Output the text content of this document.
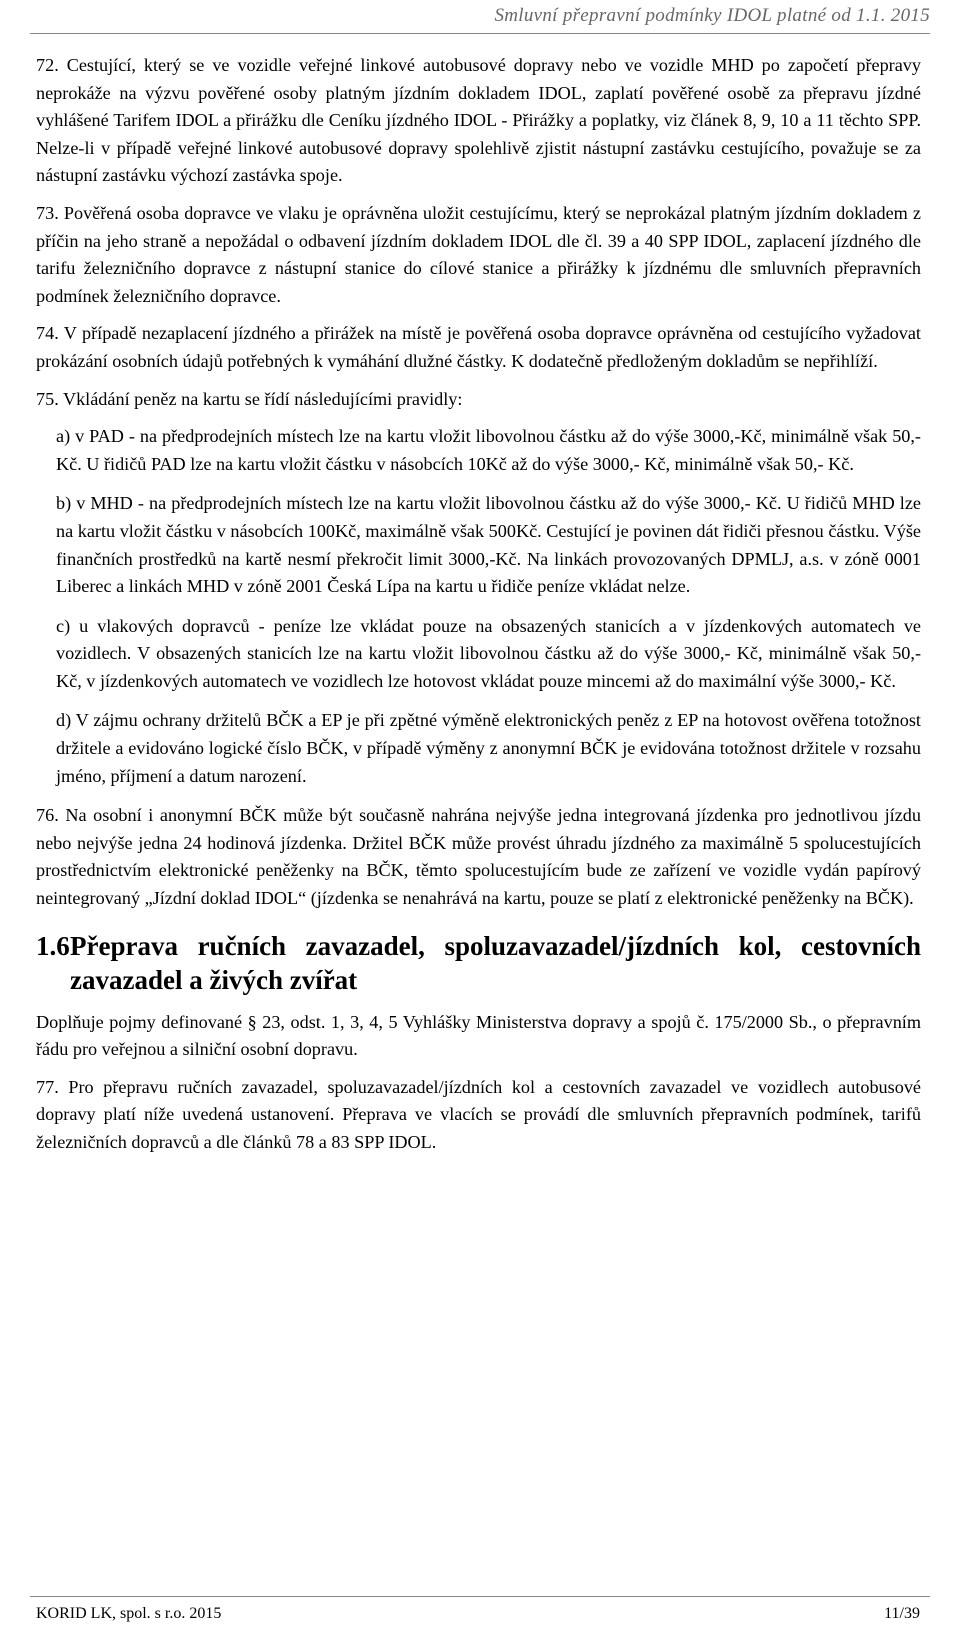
Smluvní přepravní podmínky IDOL platné od 1.1. 2015

72. Cestující, který se ve vozidle veřejné linkové autobusové dopravy nebo ve vozidle MHD po započetí přepravy neprokáže na výzvu pověřené osoby platným jízdním dokladem IDOL, zaplatí pověřené osobě za přepravu jízdné vyhlášené Tarifem IDOL a přirážku dle Ceníku jízdného IDOL - Přirážky a poplatky, viz článek 8, 9, 10 a 11 těchto SPP. Nelze-li v případě veřejné linkové autobusové dopravy spolehlivě zjistit nástupní zastávku cestujícího, považuje se za nástupní zastávku výchozí zastávka spoje.

73. Pověřená osoba dopravce ve vlaku je oprávněna uložit cestujícímu, který se neprokázal platným jízdním dokladem z příčin na jeho straně a nepožádal o odbavení jízdním dokladem IDOL dle čl. 39 a 40 SPP IDOL, zaplacení jízdného dle tarifu železničního dopravce z nástupní stanice do cílové stanice a přirážky k jízdnému dle smluvních přepravních podmínek železničního dopravce.

74. V případě nezaplacení jízdného a přirážek na místě je pověřená osoba dopravce oprávněna od cestujícího vyžadovat prokázání osobních údajů potřebných k vymáhání dlužné částky. K dodatečně předloženým dokladům se nepřihlíží.

75. Vkládání peněz na kartu se řídí následujícími pravidly:

a) v PAD - na předprodejních místech lze na kartu vložit libovolnou částku až do výše 3000,-Kč, minimálně však 50,- Kč. U řidičů PAD lze na kartu vložit částku v násobcích 10Kč až do výše 3000,- Kč, minimálně však 50,- Kč.

b) v MHD - na předprodejních místech lze na kartu vložit libovolnou částku až do výše 3000,- Kč. U řidičů MHD lze na kartu vložit částku v násobcích 100Kč, maximálně však 500Kč. Cestující je povinen dát řidiči přesnou částku. Výše finančních prostředků na kartě nesmí překročit limit 3000,-Kč. Na linkách provozovaných DPMLJ, a.s. v zóně 0001 Liberec a linkách MHD v zóně 2001 Česká Lípa na kartu u řidiče peníze vkládat nelze.

c) u vlakových dopravců - peníze lze vkládat pouze na obsazených stanicích a v jízdenkových automatech ve vozidlech. V obsazených stanicích lze na kartu vložit libovolnou částku až do výše 3000,- Kč, minimálně však 50,- Kč, v jízdenkových automatech ve vozidlech lze hotovost vkládat pouze mincemi až do maximální výše 3000,- Kč.

d) V zájmu ochrany držitelů BČK a EP je při zpětné výměně elektronických peněz z EP na hotovost ověřena totožnost držitele a evidováno logické číslo BČK, v případě výměny z anonymní BČK je evidována totožnost držitele v rozsahu jméno, příjmení a datum narození.

76. Na osobní i anonymní BČK může být současně nahrána nejvýše jedna integrovaná jízdenka pro jednotlivou jízdu nebo nejvýše jedna 24 hodinová jízdenka. Držitel BČK může provést úhradu jízdného za maximálně 5 spolucestujících prostřednictvím elektronické peněženky na BČK, těmto spolucestujícím bude ze zařízení ve vozidle vydán papírový neintegrovaný „Jízdní doklad IDOL“ (jízdenka se nenahrává na kartu, pouze se platí z elektronické peněženky na BČK).

1.6 Přeprava ručních zavazadel, spoluzavazadel/jízdních kol, cestovních zavazadel a živých zvířat

Doplňuje pojmy definované § 23, odst. 1, 3, 4, 5 Vyhlášky Ministerstva dopravy a spojů č. 175/2000 Sb., o přepravním řádu pro veřejnou a silniční osobní dopravu.

77. Pro přepravu ručních zavazadel, spoluzavazadel/jízdních kol a cestovních zavazadel ve vozidlech autobusové dopravy platí níže uvedená ustanovení. Přeprava ve vlacích se provádí dle smluvních přepravních podmínek, tarifů železničních dopravců a dle článků 78 a 83 SPP IDOL.

KORID LK, spol. s r.o. 2015	11/39
